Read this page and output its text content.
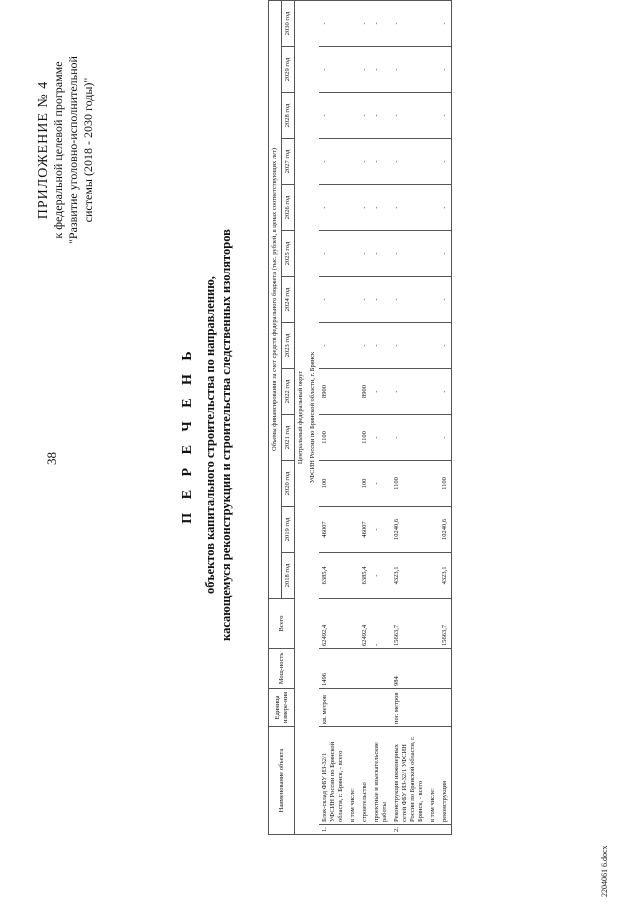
38
ПРИЛОЖЕНИЕ № 4 к федеральной целевой программе "Развитие уголовно-исполнительной системы (2018 - 2030 годы)"
П Е Р Е Ч Е Н Ь объектов капитального строительства по направлению, касающемуся реконструкции и строительства следственных изоляторов
Наименование объекта		Единица измере-ния	Мощ-ность	Всего	Объемы финансирования за счет средств федерального бюджета (тыс. рублей, в ценах соответствующих лет)												
					2018 год	2019 год	2020 год	2021 год	2022 год	2023 год	2024 год	2025 год	2026 год	2027 год	2028 год	2029 год	2030 год
Центральный федеральный округ																	
УФСИН России по Брянской области, г. Брянск																	
1.	Блок-склад ФБУ ИЗ-32/1 УФСИН России по Брянской области, г. Брянск, - всего	кв. метров	1496	62492,4	6385,4	46007	100	1100	8900	-	-	-	-	-	-	-	-
	в том числе:																
	строительство			62492,4	6385,4	46007	100	1100	8900	-	-	-	-	-	-	-	-
	проектные и изыскательские работы			-	-	-	-	-	-	-	-	-	-	-	-	-	-
2.	Реконструкция инженерных сетей ФБУ ИЗ-32/1 УФСИН России по Брянской области, г. Брянск, - всего	пог. метров	984	15663,7	4323,1	10240,6	1100	-	-	-	-	-	-	-	-	-	-
	в том числе:																
	реконструкция			15663,7	4323,1	10240,6	1100	-	-	-	-	-	-	-	-	-	-
2204061 6.docx
